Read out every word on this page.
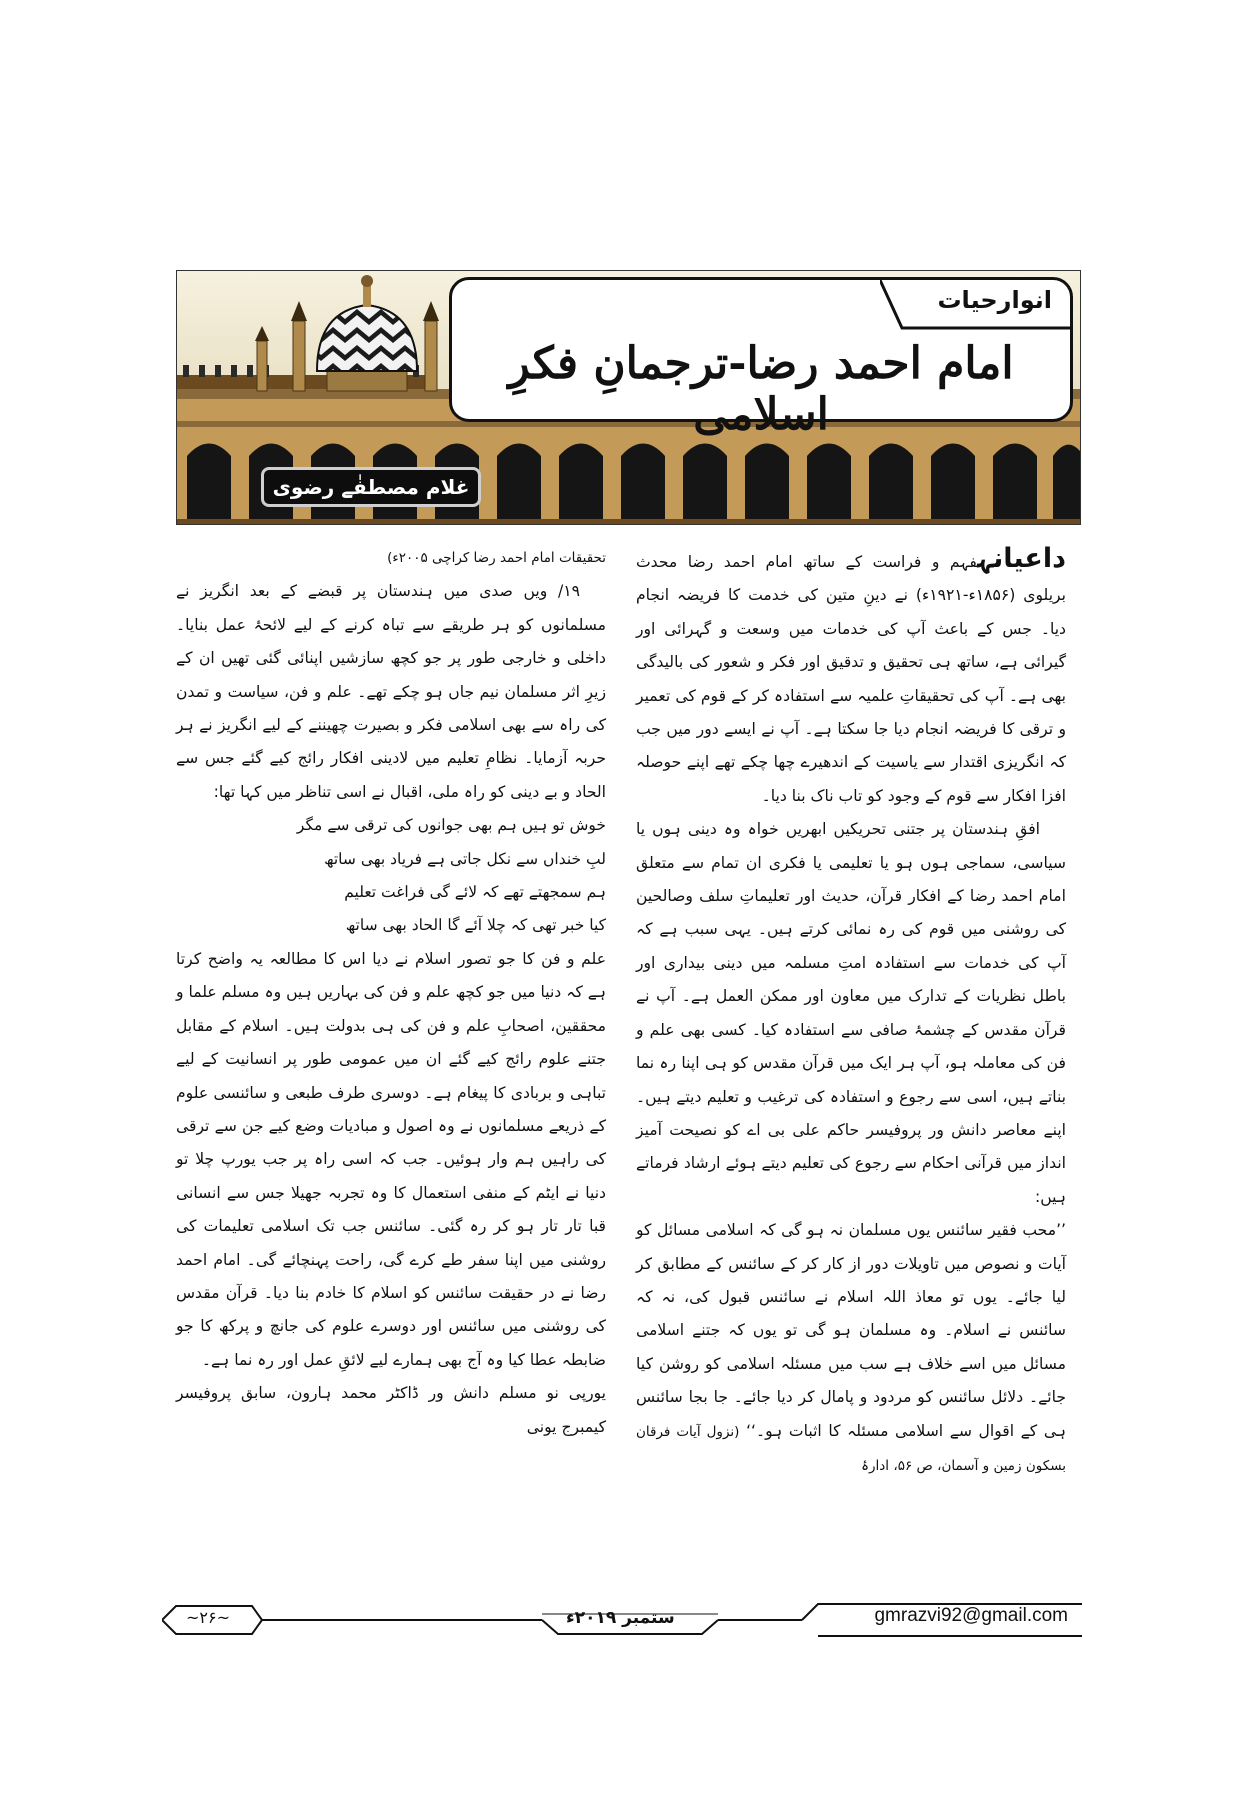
انوارحیات
امام احمد رضا-ترجمانِ فکرِ اسلامی
غلام مصطفٰے رضوی

داعیانہفہم و فراست کے ساتھ امام احمد رضا محدث بریلوی (۱۸۵۶ء-۱۹۲۱ء) نے دینِ متین کی خدمت کا فریضہ انجام دیا۔ جس کے باعث آپ کی خدمات میں وسعت و گہرائی اور گیرائی ہے، ساتھ ہی تحقیق و تدقیق اور فکر و شعور کی بالیدگی بھی ہے۔ آپ کی تحقیقاتِ علمیہ سے استفادہ کر کے قوم کی تعمیر و ترقی کا فریضہ انجام دیا جا سکتا ہے۔ آپ نے ایسے دور میں جب کہ انگریزی اقتدار سے یاسیت کے اندھیرے چھا چکے تھے اپنے حوصلہ افزا افکار سے قوم کے وجود کو تاب ناک بنا دیا۔

افقِ ہندستان پر جتنی تحریکیں ابھریں خواہ وہ دینی ہوں یا سیاسی، سماجی ہوں ہو یا تعلیمی یا فکری ان تمام سے متعلق امام احمد رضا کے افکار قرآن، حدیث اور تعلیماتِ سلف وصالحین کی روشنی میں قوم کی رہ نمائی کرتے ہیں۔ یہی سبب ہے کہ آپ کی خدمات سے استفادہ امتِ مسلمہ میں دینی بیداری اور باطل نظریات کے تدارک میں معاون اور ممکن العمل ہے۔ آپ نے قرآن مقدس کے چشمۂ صافی سے استفادہ کیا۔ کسی بھی علم و فن کی معاملہ ہو، آپ ہر ایک میں قرآن مقدس کو ہی اپنا رہ نما بناتے ہیں، اسی سے رجوع و استفادہ کی ترغیب و تعلیم دیتے ہیں۔ اپنے معاصر دانش ور پروفیسر حاکم علی بی اے کو نصیحت آمیز انداز میں قرآنی احکام سے رجوع کی تعلیم دیتے ہوئے ارشاد فرماتے ہیں:

’’محب فقیر سائنس یوں مسلمان نہ ہو گی کہ اسلامی مسائل کو آیات و نصوص میں تاویلات دور از کار کر کے سائنس کے مطابق کر لیا جائے۔ یوں تو معاذ اللہ اسلام نے سائنس قبول کی، نہ کہ سائنس نے اسلام۔ وہ مسلمان ہو گی تو یوں کہ جتنے اسلامی مسائل میں اسے خلاف ہے سب میں مسئلہ اسلامی کو روشن کیا جائے۔ دلائل سائنس کو مردود و پامال کر دیا جائے۔ جا بجا سائنس ہی کے اقوال سے اسلامی مسئلہ کا اثبات ہو۔‘‘ (نزول آیات فرقان بسکون زمین و آسمان، ص ۵۶، ادارۂ

تحقیقات امام احمد رضا کراچی ۲۰۰۵ء)

۱۹/ ویں صدی میں ہندستان پر قبضے کے بعد انگریز نے مسلمانوں کو ہر طریقے سے تباہ کرنے کے لیے لائحۂ عمل بنایا۔ داخلی و خارجی طور پر جو کچھ سازشیں اپنائی گئی تھیں ان کے زیرِ اثر مسلمان نیم جاں ہو چکے تھے۔ علم و فن، سیاست و تمدن کی راہ سے بھی اسلامی فکر و بصیرت چھیننے کے لیے انگریز نے ہر حربہ آزمایا۔ نظامِ تعلیم میں لادینی افکار رائج کیے گئے جس سے الحاد و بے دینی کو راہ ملی، اقبال نے اسی تناظر میں کہا تھا:

خوش تو ہیں ہم بھی جوانوں کی ترقی سے مگر

لبِ خنداں سے نکل جاتی ہے فریاد بھی ساتھ

ہم سمجھتے تھے کہ لائے گی فراغت تعلیم

کیا خبر تھی کہ چلا آئے گا الحاد بھی ساتھ

علم و فن کا جو تصور اسلام نے دیا اس کا مطالعہ یہ واضح کرتا ہے کہ دنیا میں جو کچھ علم و فن کی بہاریں ہیں وہ مسلم علما و محققین، اصحابِ علم و فن کی ہی بدولت ہیں۔ اسلام کے مقابل جتنے علوم رائج کیے گئے ان میں عمومی طور پر انسانیت کے لیے تباہی و بربادی کا پیغام ہے۔ دوسری طرف طبعی و سائنسی علوم کے ذریعے مسلمانوں نے وہ اصول و مبادیات وضع کیے جن سے ترقی کی راہیں ہم وار ہوئیں۔ جب کہ اسی راہ پر جب یورپ چلا تو دنیا نے ایٹم کے منفی استعمال کا وہ تجربہ جھیلا جس سے انسانی قبا تار تار ہو کر رہ گئی۔ سائنس جب تک اسلامی تعلیمات کی روشنی میں اپنا سفر طے کرے گی، راحت پہنچائے گی۔ امام احمد رضا نے در حقیقت سائنس کو اسلام کا خادم بنا دیا۔ قرآن مقدس کی روشنی میں سائنس اور دوسرے علوم کی جانچ و پرکھ کا جو ضابطہ عطا کیا وہ آج بھی ہمارے لیے لائقِ عمل اور رہ نما ہے۔

یورپی نو مسلم دانش ور ڈاکٹر محمد ہارون، سابق پروفیسر کیمبرج یونی

~۲۶~	ستمبر ۲۰۱۹ء	gmrazvi92@gmail.com
